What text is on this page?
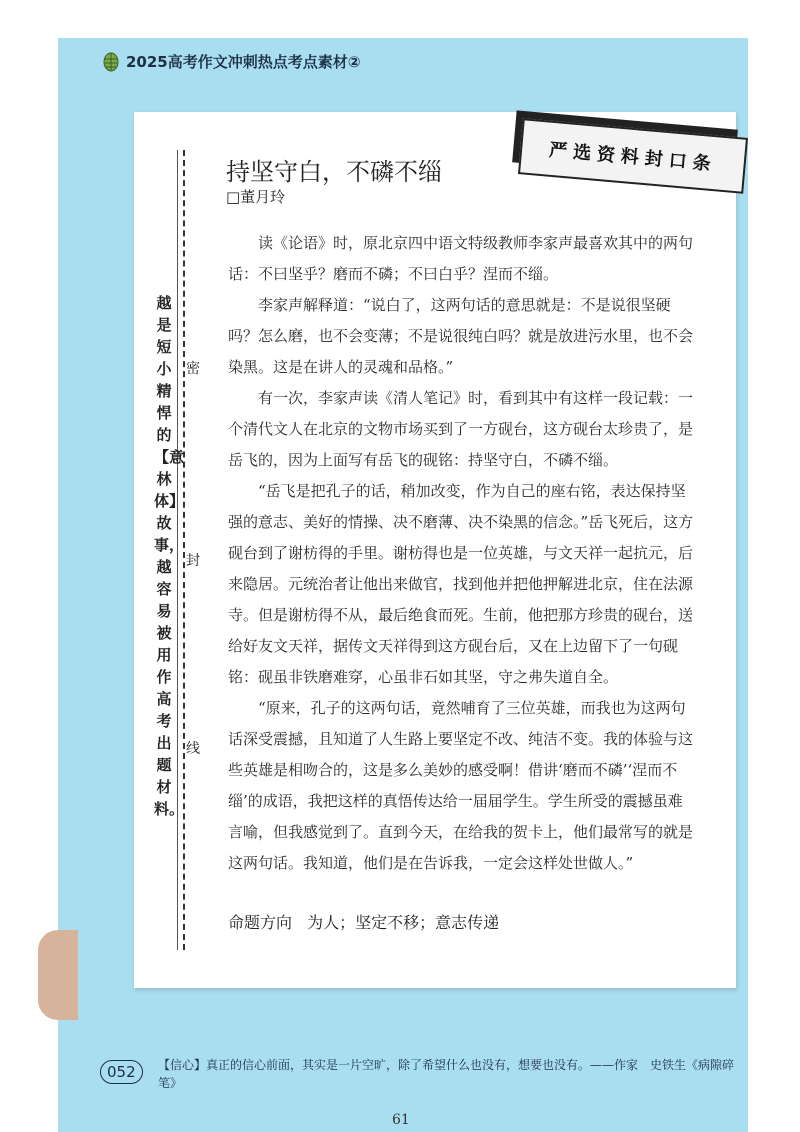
2025高考作文冲刺热点考点素材②
严选资料封口条
密
封
线
越是短小精悍的【意林体】故事，越容易被用作高考出题材料。
持坚守白，不磷不缁
□董月玲

读《论语》时，原北京四中语文特级教师李家声最喜欢其中的两句话：不曰坚乎？磨而不磷；不曰白乎？涅而不缁。

李家声解释道：“说白了，这两句话的意思就是：不是说很坚硬吗？怎么磨，也不会变薄；不是说很纯白吗？就是放进污水里，也不会染黑。这是在讲人的灵魂和品格。”

有一次，李家声读《清人笔记》时，看到其中有这样一段记载：一个清代文人在北京的文物市场买到了一方砚台，这方砚台太珍贵了，是岳飞的，因为上面写有岳飞的砚铭：持坚守白，不磷不缁。

“岳飞是把孔子的话，稍加改变，作为自己的座右铭，表达保持坚强的意志、美好的情操、决不磨薄、决不染黑的信念。”岳飞死后，这方砚台到了谢枋得的手里。谢枋得也是一位英雄，与文天祥一起抗元，后来隐居。元统治者让他出来做官，找到他并把他押解进北京，住在法源寺。但是谢枋得不从，最后绝食而死。生前，他把那方珍贵的砚台，送给好友文天祥，据传文天祥得到这方砚台后，又在上边留下了一句砚铭：砚虽非铁磨难穿，心虽非石如其坚，守之弗失道自全。

“原来，孔子的这两句话，竟然哺育了三位英雄，而我也为这两句话深受震撼，且知道了人生路上要坚定不改、纯洁不变。我的体验与这些英雄是相吻合的，这是多么美妙的感受啊！借讲‘磨而不磷’‘涅而不缁’的成语，我把这样的真悟传达给一届届学生。学生所受的震撼虽难言喻，但我感觉到了。直到今天，在给我的贺卡上，他们最常写的就是这两句话。我知道，他们是在告诉我，一定会这样处世做人。”

命题方向 为人；坚定不移；意志传递
052	【信心】真正的信心前面，其实是一片空旷，除了希望什么也没有，想要也没有。——作家　史铁生《病隙碎笔》
61
